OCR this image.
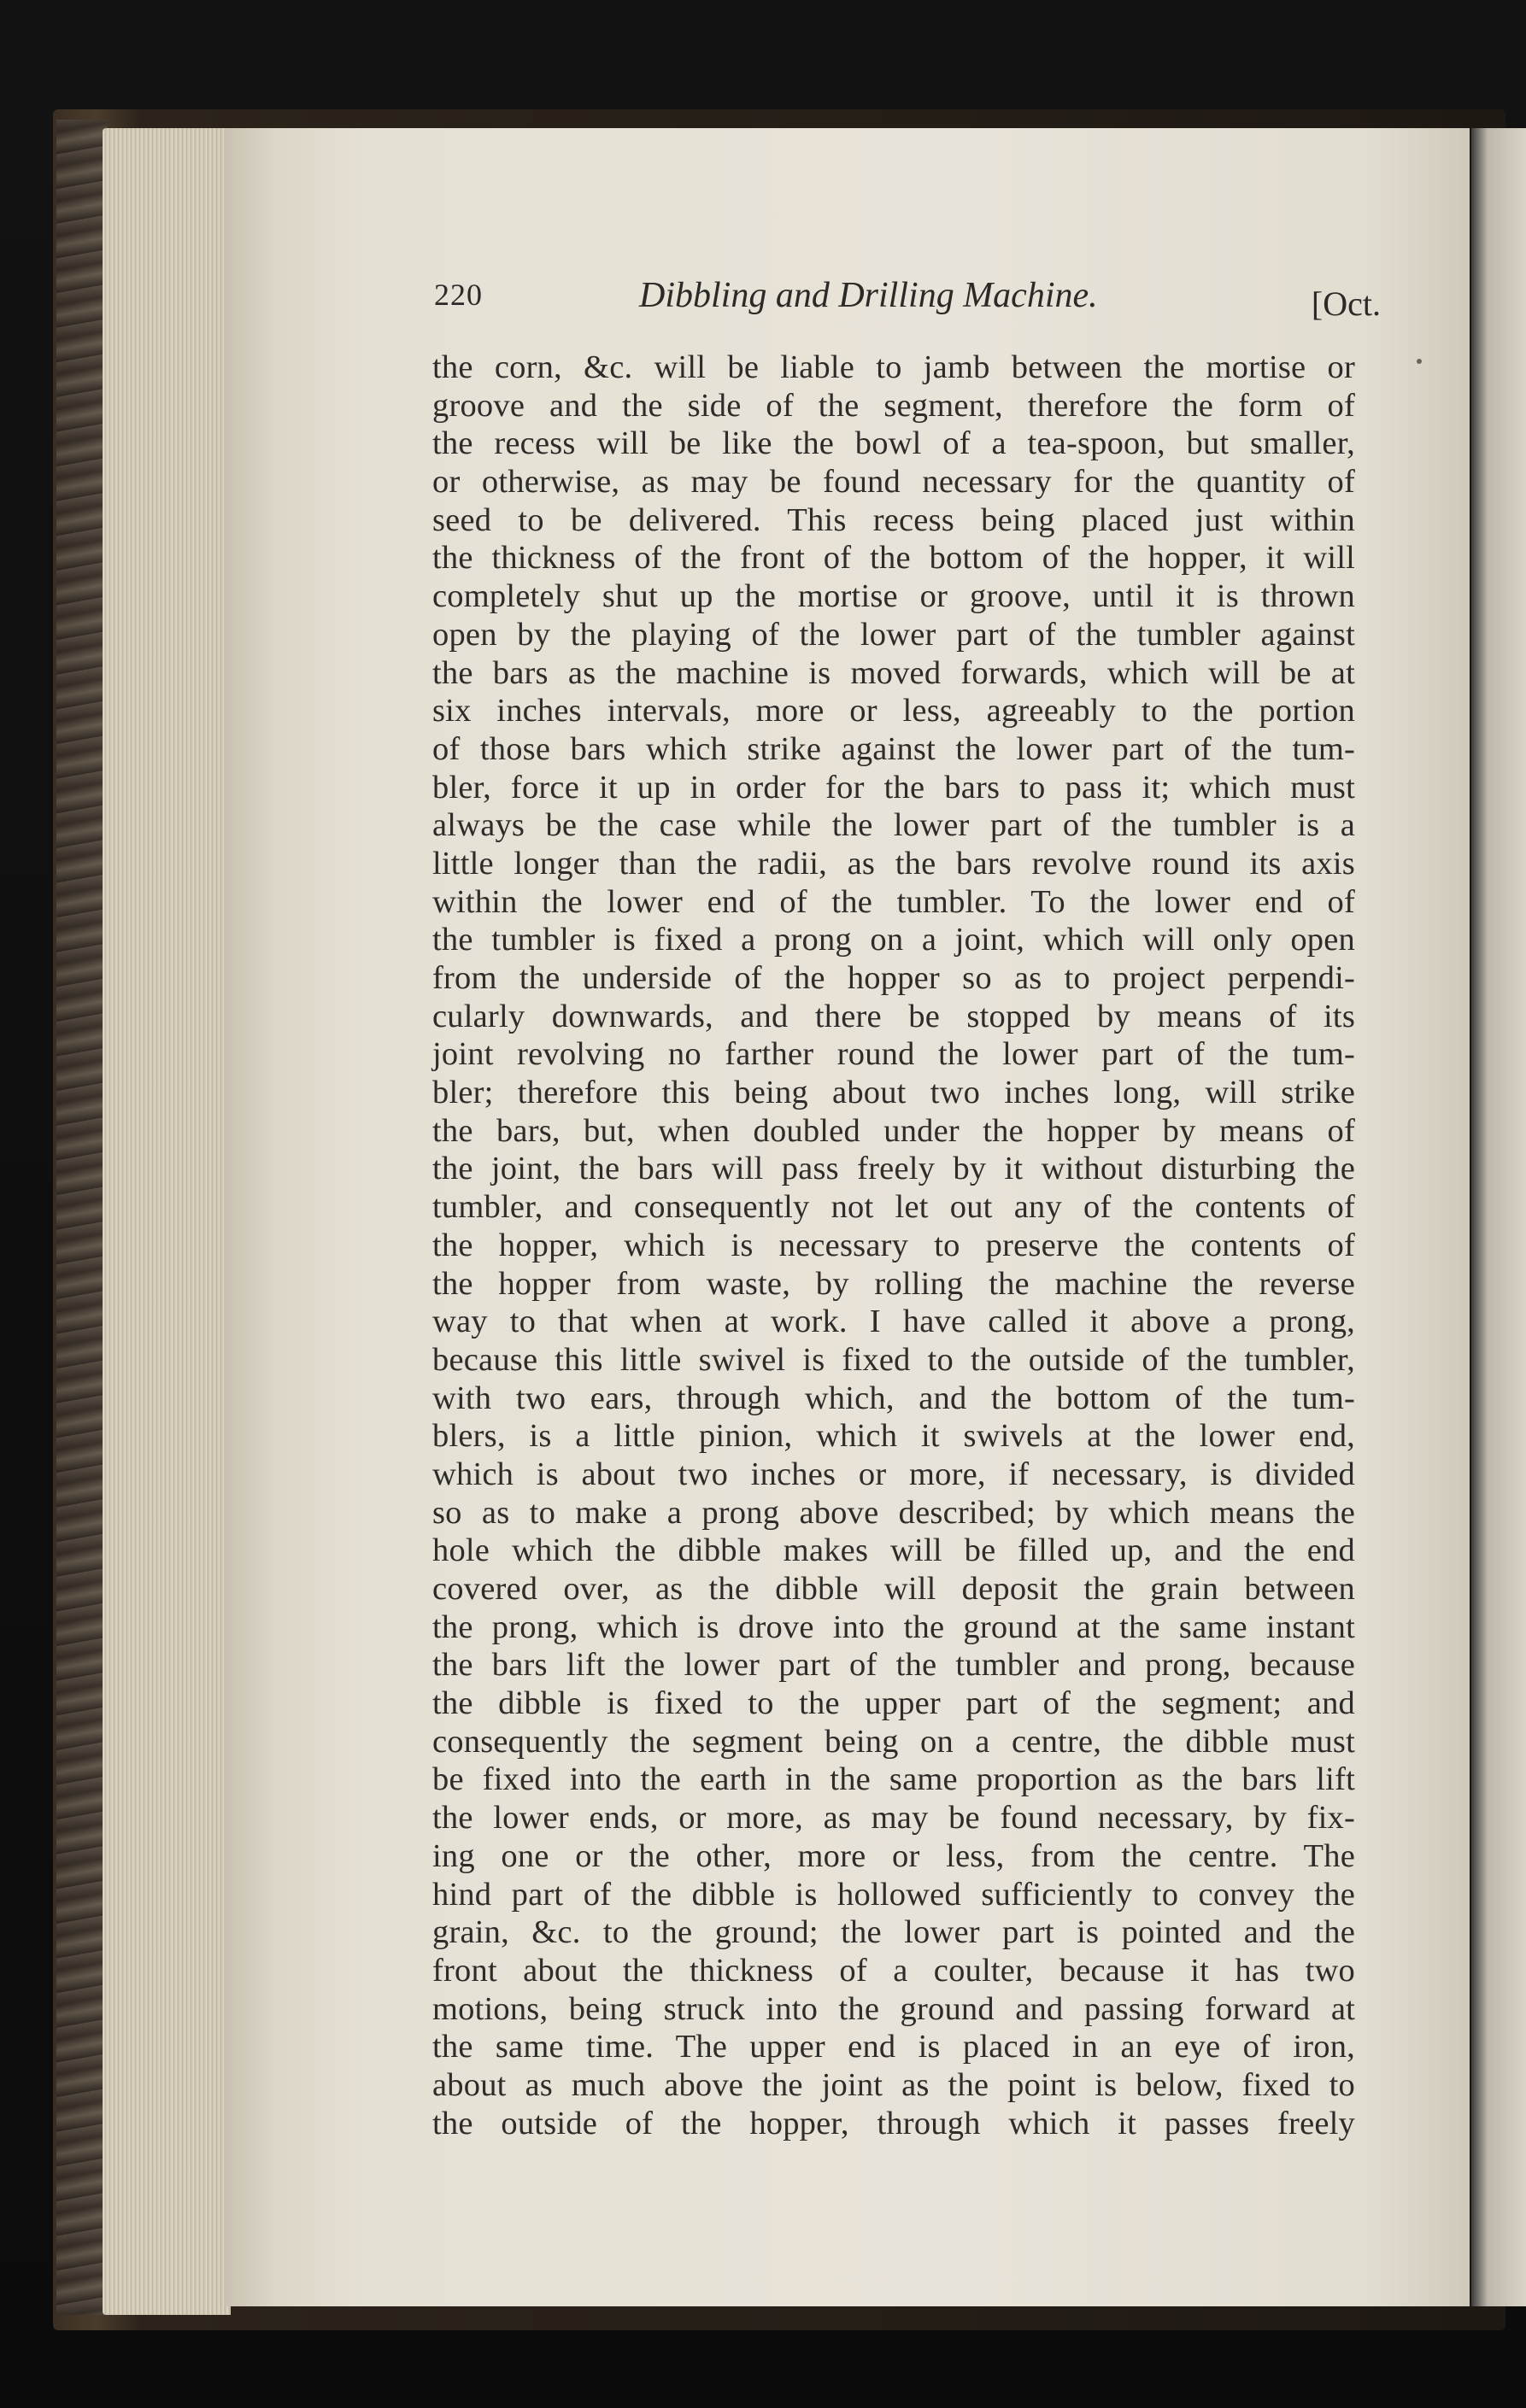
220	Dibbling and Drilling Machine.	[Oct.
the corn, &c. will be liable to jamb between the mortise or
groove and the side of the segment, therefore the form of
the recess will be like the bowl of a tea-spoon, but smaller,
or otherwise, as may be found necessary for the quantity of
seed to be delivered. This recess being placed just within
the thickness of the front of the bottom of the hopper, it will
completely shut up the mortise or groove, until it is thrown
open by the playing of the lower part of the tumbler against
the bars as the machine is moved forwards, which will be at
six inches intervals, more or less, agreeably to the portion
of those bars which strike against the lower part of the tum-
bler, force it up in order for the bars to pass it; which must
always be the case while the lower part of the tumbler is a
little longer than the radii, as the bars revolve round its axis
within the lower end of the tumbler. To the lower end of
the tumbler is fixed a prong on a joint, which will only open
from the underside of the hopper so as to project perpendi-
cularly downwards, and there be stopped by means of its
joint revolving no farther round the lower part of the tum-
bler; therefore this being about two inches long, will strike
the bars, but, when doubled under the hopper by means of
the joint, the bars will pass freely by it without disturbing the
tumbler, and consequently not let out any of the contents of
the hopper, which is necessary to preserve the contents of
the hopper from waste, by rolling the machine the reverse
way to that when at work. I have called it above a prong,
because this little swivel is fixed to the outside of the tumbler,
with two ears, through which, and the bottom of the tum-
blers, is a little pinion, which it swivels at the lower end,
which is about two inches or more, if necessary, is divided
so as to make a prong above described; by which means the
hole which the dibble makes will be filled up, and the end
covered over, as the dibble will deposit the grain between
the prong, which is drove into the ground at the same instant
the bars lift the lower part of the tumbler and prong, because
the dibble is fixed to the upper part of the segment; and
consequently the segment being on a centre, the dibble must
be fixed into the earth in the same proportion as the bars lift
the lower ends, or more, as may be found necessary, by fix-
ing one or the other, more or less, from the centre. The
hind part of the dibble is hollowed sufficiently to convey the
grain, &c. to the ground; the lower part is pointed and the
front about the thickness of a coulter, because it has two
motions, being struck into the ground and passing forward at
the same time. The upper end is placed in an eye of iron,
about as much above the joint as the point is below, fixed to
the outside of the hopper, through which it passes freely
